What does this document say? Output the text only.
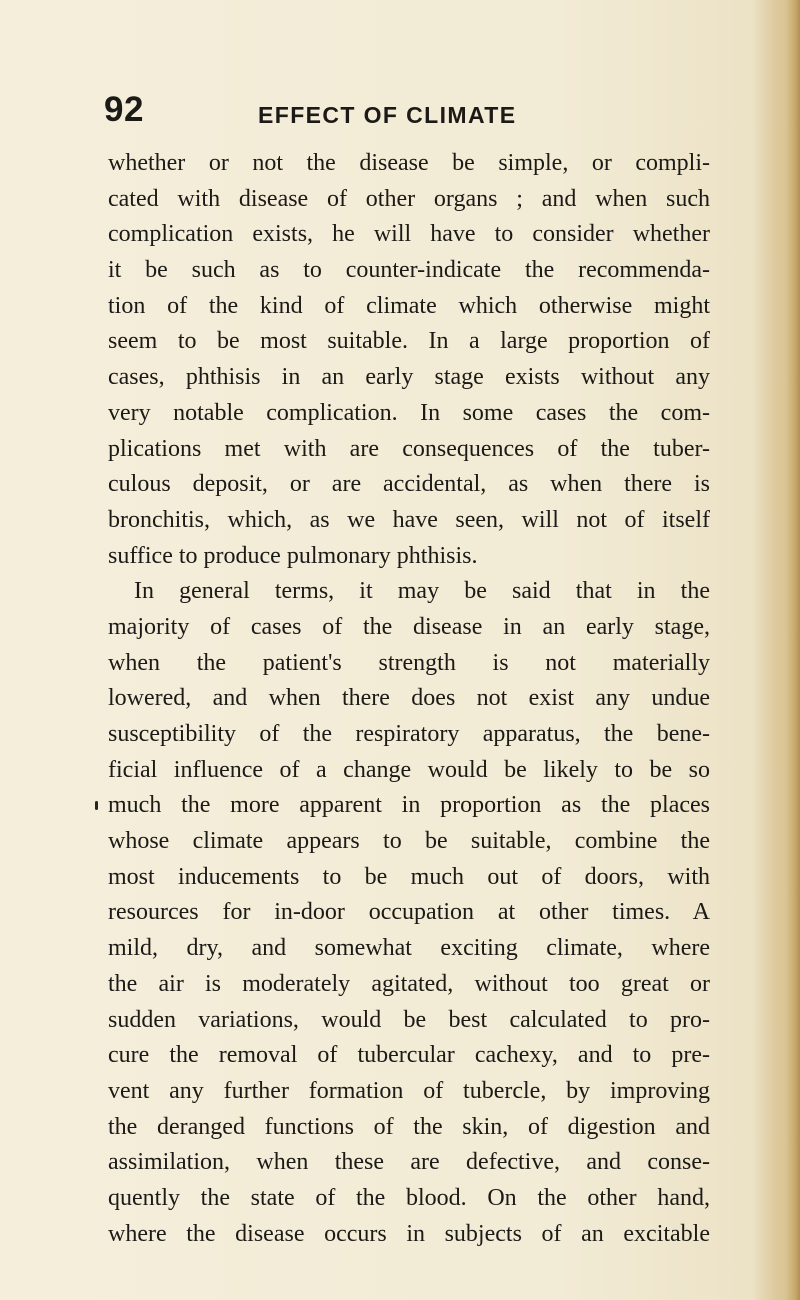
92	EFFECT OF CLIMATE
whether or not the disease be simple, or compli-
cated with disease of other organs ; and when such
complication exists, he will have to consider whether
it be such as to counter-indicate the recommenda-
tion of the kind of climate which otherwise might
seem to be most suitable. In a large proportion of
cases, phthisis in an early stage exists without any
very notable complication. In some cases the com-
plications met with are consequences of the tuber-
culous deposit, or are accidental, as when there is
bronchitis, which, as we have seen, will not of itself
suffice to produce pulmonary phthisis.
In general terms, it may be said that in the
majority of cases of the disease in an early stage,
when the patient's strength is not materially
lowered, and when there does not exist any undue
susceptibility of the respiratory apparatus, the bene-
ficial influence of a change would be likely to be so
much the more apparent in proportion as the places
whose climate appears to be suitable, combine the
most inducements to be much out of doors, with
resources for in-door occupation at other times. A
mild, dry, and somewhat exciting climate, where
the air is moderately agitated, without too great or
sudden variations, would be best calculated to pro-
cure the removal of tubercular cachexy, and to pre-
vent any further formation of tubercle, by improving
the deranged functions of the skin, of digestion and
assimilation, when these are defective, and conse-
quently the state of the blood. On the other hand,
where the disease occurs in subjects of an excitable
